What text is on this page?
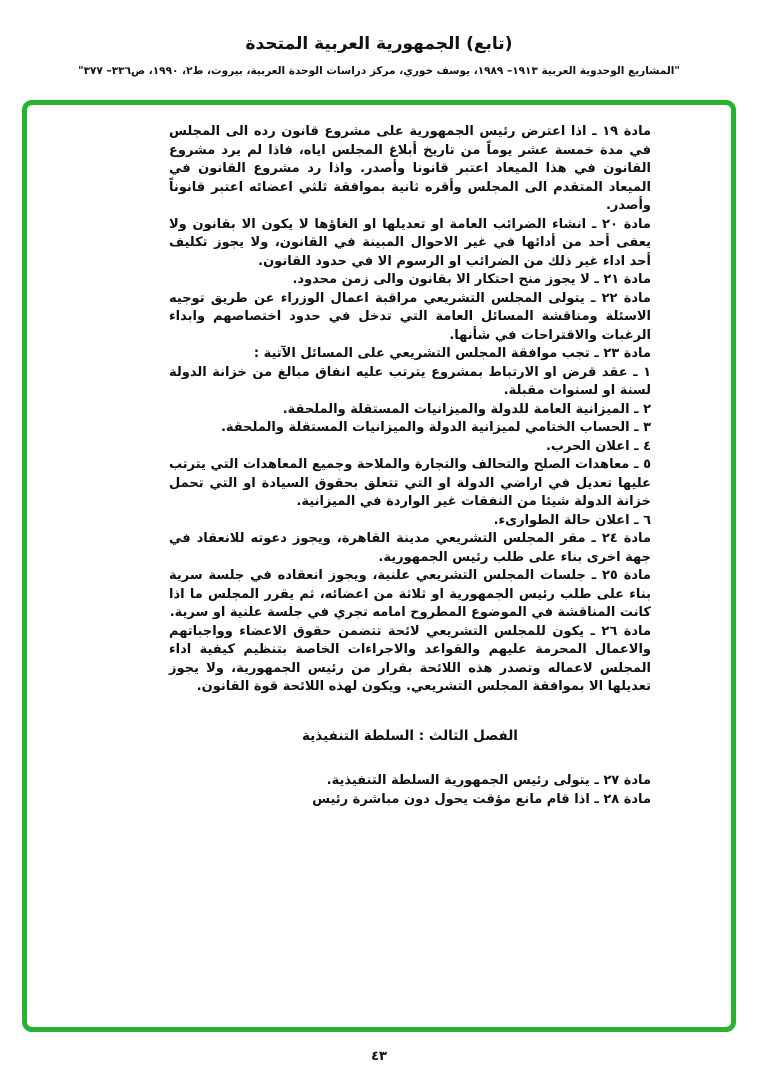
(تابع) الجمهورية العربية المتحدة
"المشاريع الوحدوية العربية ١٩١٣– ١٩٨٩، يوسف خوري، مركز دراسات الوحدة العربية، بيروت، ط٢، ١٩٩٠، ص٣٣٦– ٣٧٧"

مادة ١٩ ـ اذا اعترض رئيس الجمهورية على مشروع قانون رده الى المجلس في مدة خمسة عشر يوماً من تاريخ أبلاغ المجلس اياه، فاذا لم يرد مشروع القانون في هذا الميعاد اعتبر قانونا وأصدر. واذا رد مشروع القانون في الميعاد المتقدم الى المجلس وأقره ثانية بموافقة ثلثي اعضائه اعتبر قانوناً وأصدر.

مادة ٢٠ ـ انشاء الضرائب العامة او تعديلها او الغاؤها لا يكون الا بقانون ولا يعفى أحد من أدائها في غير الاحوال المبينة في القانون، ولا يجوز تكليف أحد اداء غير ذلك من الضرائب او الرسوم الا في حدود القانون.

مادة ٢١ ـ لا يجوز منح احتكار الا بقانون والى زمن محدود.

مادة ٢٢ ـ يتولى المجلس التشريعي مراقبة اعمال الوزراء عن طريق توجيه الاسئلة ومناقشة المسائل العامة التي تدخل في حدود اختصاصهم وابداء الرغبات والاقتراحات في شأنها.

مادة ٢٣ ـ تجب موافقة المجلس التشريعي على المسائل الآتية :

١ ـ عقد قرض او الارتباط بمشروع يترتب عليه انفاق مبالغ من خزانة الدولة لسنة او لسنوات مقبلة.

٢ ـ الميزانية العامة للدولة والميزانيات المستقلة والملحقة.

٣ ـ الحساب الختامي لميزانية الدولة والميزانيات المستقلة والملحقة.

٤ ـ اعلان الحرب.

٥ ـ معاهدات الصلح والتحالف والتجارة والملاحة وجميع المعاهدات التي يترتب عليها تعديل في اراضي الدولة او التي تتعلق بحقوق السيادة او التي تحمل خزانة الدولة شيئا من النفقات غير الواردة في الميزانية.

٦ ـ اعلان حالة الطوارىء.

مادة ٢٤ ـ مقر المجلس التشريعي مدينة القاهرة، ويجوز دعوته للانعقاد في جهة اخرى بناء على طلب رئيس الجمهورية.

مادة ٢٥ ـ جلسات المجلس التشريعي علنية، ويجوز انعقاده في جلسة سرية بناء على طلب رئيس الجمهورية او ثلاثة من اعضائه، ثم يقرر المجلس ما اذا كانت المناقشة في الموضوع المطروح امامه تجري في جلسة علنية او سرية.

مادة ٢٦ ـ يكون للمجلس التشريعي لائحة تتضمن حقوق الاعضاء وواجباتهم والاعمال المحرمة عليهم والقواعد والاجراءات الخاصة بتنظيم كيفية اداء المجلس لاعماله وتصدر هذه اللائحة بقرار من رئيس الجمهورية، ولا يجوز تعديلها الا بموافقة المجلس التشريعي. ويكون لهذه اللائحة قوة القانون.

الفصل الثالث : السلطة التنفيذية

مادة ٢٧ ـ يتولى رئيس الجمهورية السلطة التنفيذية.

مادة ٢٨ ـ اذا قام مانع مؤقت يحول دون مباشرة رئيس

٤٣
